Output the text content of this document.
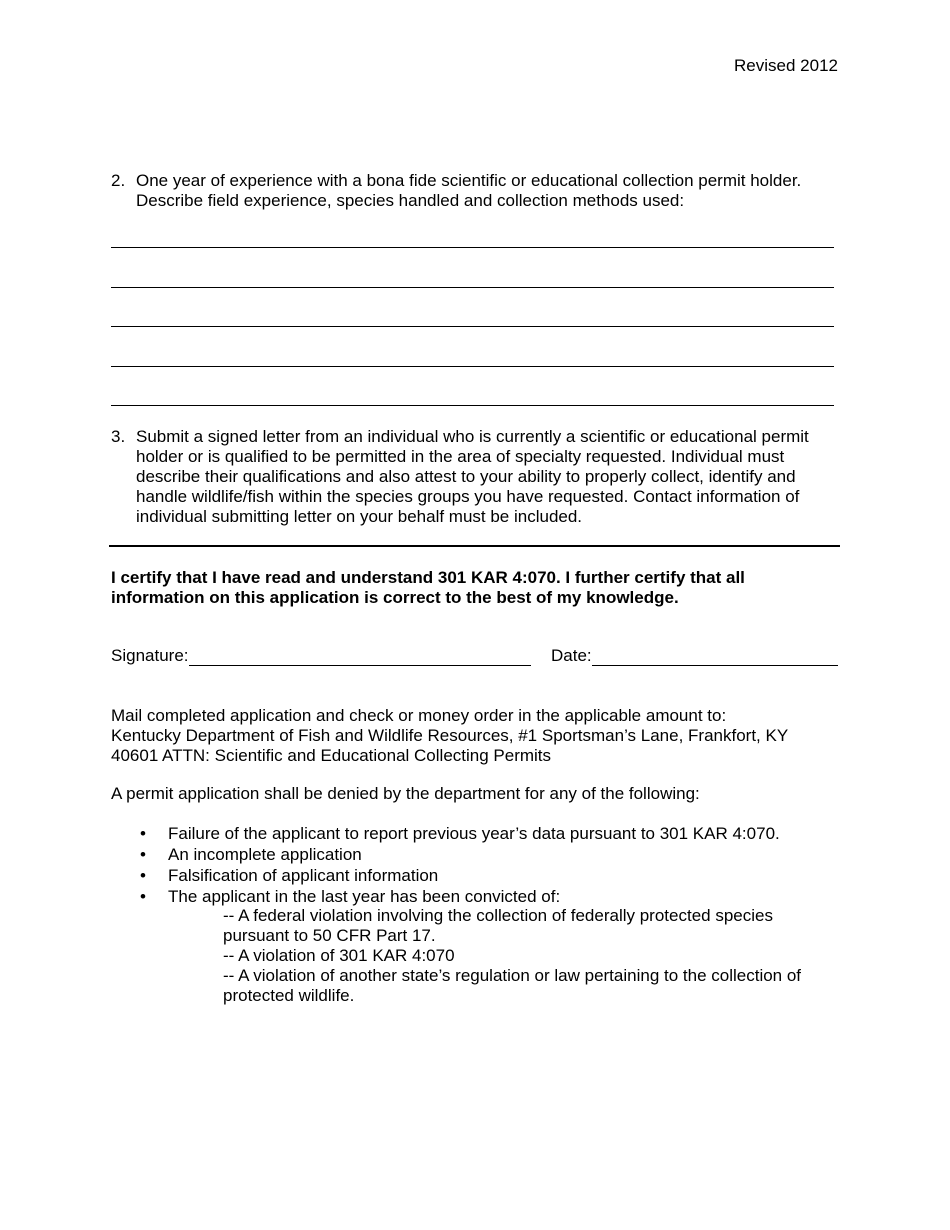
Revised 2012
2. One year of experience with a bona fide scientific or educational collection permit holder. Describe field experience, species handled and collection methods used:
3. Submit a signed letter from an individual who is currently a scientific or educational permit holder or is qualified to be permitted in the area of specialty requested. Individual must describe their qualifications and also attest to your ability to properly collect, identify and handle wildlife/fish within the species groups you have requested. Contact information of individual submitting letter on your behalf must be included.
I certify that I have read and understand 301 KAR 4:070. I further certify that all information on this application is correct to the best of my knowledge.
Signature:	Date:
Mail completed application and check or money order in the applicable amount to:
Kentucky Department of Fish and Wildlife Resources, #1 Sportsman’s Lane, Frankfort, KY
40601 ATTN: Scientific and Educational Collecting Permits
A permit application shall be denied by the department for any of the following:
• Failure of the applicant to report previous year’s data pursuant to 301 KAR 4:070.
• An incomplete application
• Falsification of applicant information
• The applicant in the last year has been convicted of:
-- A federal violation involving the collection of federally protected species
pursuant to 50 CFR Part 17.
-- A violation of 301 KAR 4:070
-- A violation of another state’s regulation or law pertaining to the collection of
protected wildlife.
